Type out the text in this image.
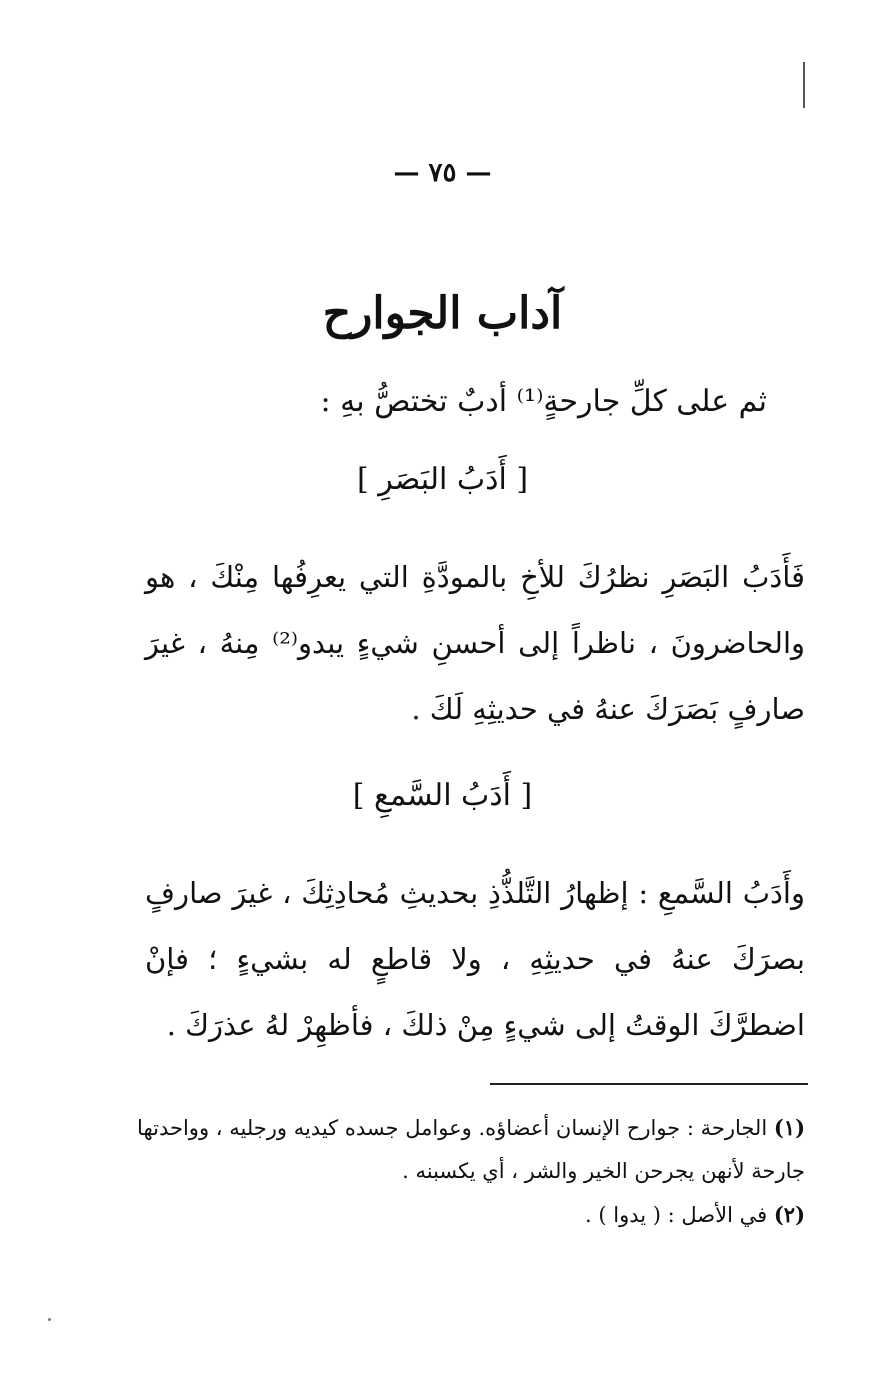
— ٧٥ —
آداب الجوارح
ثم على كلِّ جارحةٍ⁽¹⁾ أدبٌ تختصُّ بهِ :
[ أَدَبُ البَصَرِ ]
فَأَدَبُ البَصَرِ نظرُكَ للأخِ بالمودَّةِ التي يعرِفُها مِنْكَ ، هو والحاضرونَ ، ناظراً إلى أحسنِ شيءٍ يبدو⁽²⁾ مِنهُ ، غيرَ صارفٍ بَصَرَكَ عنهُ في حديثِهِ لَكَ .
[ أَدَبُ السَّمعِ ]
وأَدَبُ السَّمعِ : إظهارُ التَّلذُّذِ بحديثِ مُحادِثِكَ ، غيرَ صارفٍ بصرَكَ عنهُ في حديثِهِ ، ولا قاطعٍ له بشيءٍ ؛ فإنْ اضطرَّكَ الوقتُ إلى شيءٍ مِنْ ذلكَ ، فأظهِرْ لهُ عذرَكَ .

(١) الجارحة : جوارح الإنسان أعضاؤه. وعوامل جسده كيديه ورجليه ، وواحدتها جارحة لأنهن يجرحن الخير والشر ، أي يكسبنه .

(٢) في الأصل : ( يدوا ) .
